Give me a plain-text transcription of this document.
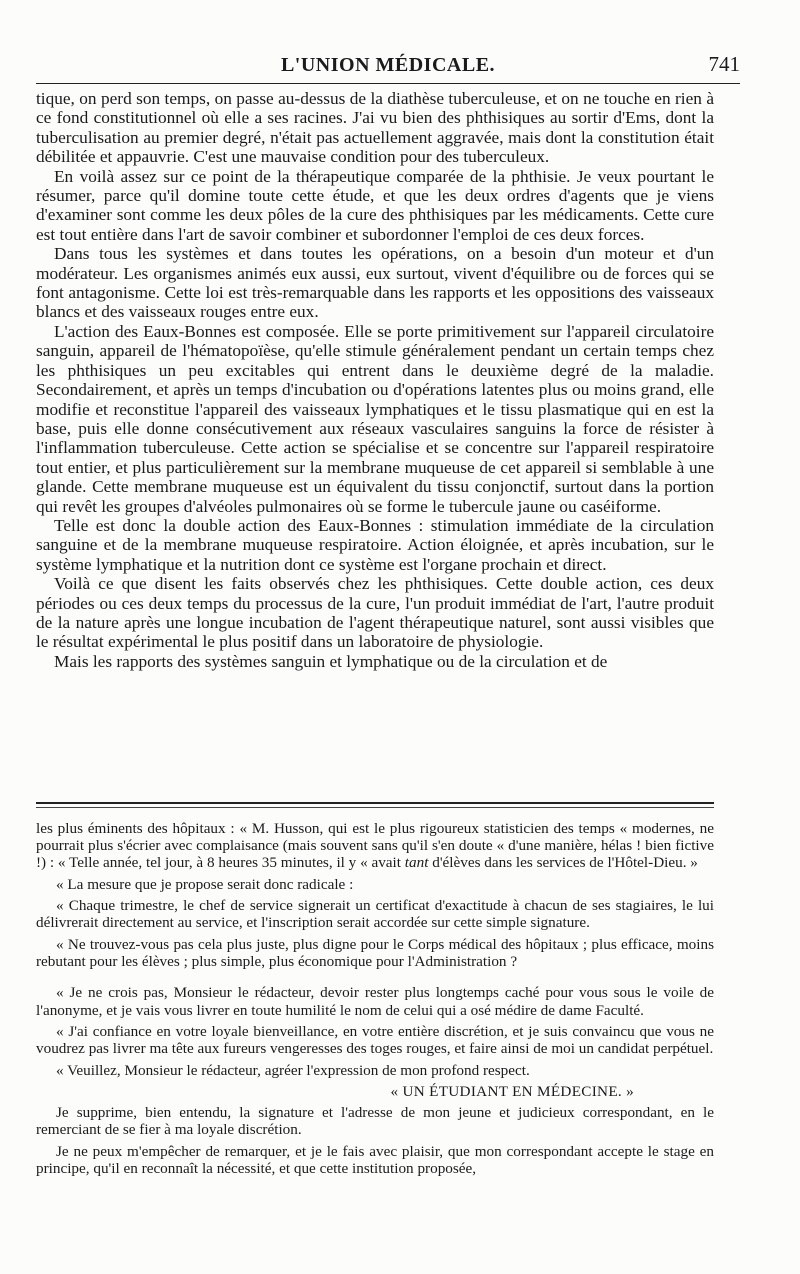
L'UNION MÉDICALE.	741

tique, on perd son temps, on passe au-dessus de la diathèse tuberculeuse, et on ne touche en rien à ce fond constitutionnel où elle a ses racines. J'ai vu bien des phthisiques au sortir d'Ems, dont la tuberculisation au premier degré, n'était pas actuellement aggravée, mais dont la constitution était débilitée et appauvrie. C'est une mauvaise condition pour des tuberculeux.

En voilà assez sur ce point de la thérapeutique comparée de la phthisie. Je veux pourtant le résumer, parce qu'il domine toute cette étude, et que les deux ordres d'agents que je viens d'examiner sont comme les deux pôles de la cure des phthisiques par les médicaments. Cette cure est tout entière dans l'art de savoir combiner et subordonner l'emploi de ces deux forces.

Dans tous les systèmes et dans toutes les opérations, on a besoin d'un moteur et d'un modérateur. Les organismes animés eux aussi, eux surtout, vivent d'équilibre ou de forces qui se font antagonisme. Cette loi est très-remarquable dans les rapports et les oppositions des vaisseaux blancs et des vaisseaux rouges entre eux.

L'action des Eaux-Bonnes est composée. Elle se porte primitivement sur l'appareil circulatoire sanguin, appareil de l'hématopoïèse, qu'elle stimule généralement pendant un certain temps chez les phthisiques un peu excitables qui entrent dans le deuxième degré de la maladie. Secondairement, et après un temps d'incubation ou d'opérations latentes plus ou moins grand, elle modifie et reconstitue l'appareil des vaisseaux lymphatiques et le tissu plasmatique qui en est la base, puis elle donne consécutivement aux réseaux vasculaires sanguins la force de résister à l'inflammation tuberculeuse. Cette action se spécialise et se concentre sur l'appareil respiratoire tout entier, et plus particulièrement sur la membrane muqueuse de cet appareil si semblable à une glande. Cette membrane muqueuse est un équivalent du tissu conjonctif, surtout dans la portion qui revêt les groupes d'alvéoles pulmonaires où se forme le tubercule jaune ou caséiforme.

Telle est donc la double action des Eaux-Bonnes : stimulation immédiate de la circulation sanguine et de la membrane muqueuse respiratoire. Action éloignée, et après incubation, sur le système lymphatique et la nutrition dont ce système est l'organe prochain et direct.

Voilà ce que disent les faits observés chez les phthisiques. Cette double action, ces deux périodes ou ces deux temps du processus de la cure, l'un produit immédiat de l'art, l'autre produit de la nature après une longue incubation de l'agent thérapeutique naturel, sont aussi visibles que le résultat expérimental le plus positif dans un laboratoire de physiologie.

Mais les rapports des systèmes sanguin et lymphatique ou de la circulation et de

les plus éminents des hôpitaux : « M. Husson, qui est le plus rigoureux statisticien des temps « modernes, ne pourrait plus s'écrier avec complaisance (mais souvent sans qu'il s'en doute « d'une manière, hélas ! bien fictive !) : « Telle année, tel jour, à 8 heures 35 minutes, il y « avait tant d'élèves dans les services de l'Hôtel-Dieu. »

« La mesure que je propose serait donc radicale :

« Chaque trimestre, le chef de service signerait un certificat d'exactitude à chacun de ses stagiaires, le lui délivrerait directement au service, et l'inscription serait accordée sur cette simple signature.

« Ne trouvez-vous pas cela plus juste, plus digne pour le Corps médical des hôpitaux ; plus efficace, moins rebutant pour les élèves ; plus simple, plus économique pour l'Administration ?

« Je ne crois pas, Monsieur le rédacteur, devoir rester plus longtemps caché pour vous sous le voile de l'anonyme, et je vais vous livrer en toute humilité le nom de celui qui a osé médire de dame Faculté.

« J'ai confiance en votre loyale bienveillance, en votre entière discrétion, et je suis convaincu que vous ne voudrez pas livrer ma tête aux fureurs vengeresses des toges rouges, et faire ainsi de moi un candidat perpétuel.

« Veuillez, Monsieur le rédacteur, agréer l'expression de mon profond respect.

« UN ÉTUDIANT EN MÉDECINE. »

Je supprime, bien entendu, la signature et l'adresse de mon jeune et judicieux correspondant, en le remerciant de se fier à ma loyale discrétion.

Je ne peux m'empêcher de remarquer, et je le fais avec plaisir, que mon correspondant accepte le stage en principe, qu'il en reconnaît la nécessité, et que cette institution proposée,
